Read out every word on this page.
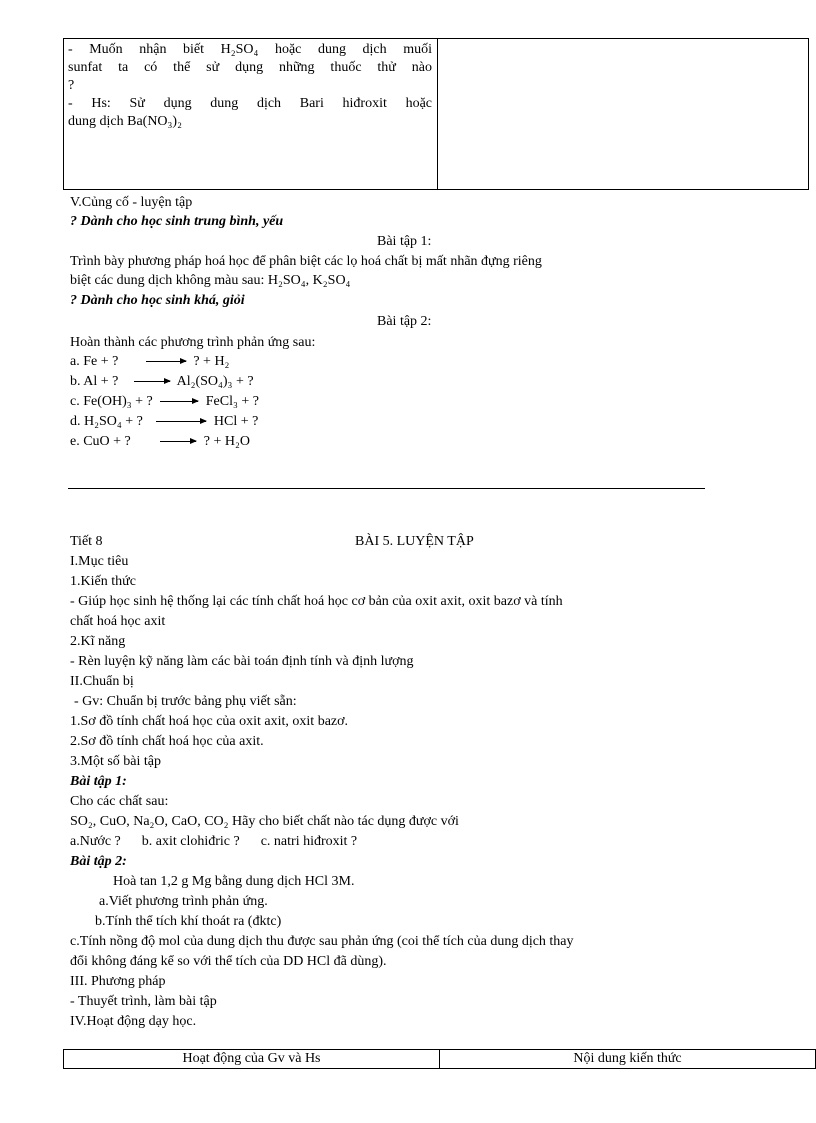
- Muốn nhận biết H₂SO₄ hoặc dung dịch muối
sunfat ta có thể sử dụng những thuốc thử nào
?
- Hs: Sử dụng dung dịch Bari hiđroxit hoặc
dung dịch Ba(NO₃)₂
V.Củng cố - luyện tập
? Dành cho học sinh trung bình, yếu
Bài tập 1:
Trình bày phương pháp hoá học để phân biệt các lọ hoá chất bị mất nhãn đựng riêng
biệt các dung dịch không màu sau: H₂SO₄, K₂SO₄
? Dành cho học sinh khá, giỏi
Bài tập 2:
Hoàn thành các phương trình phản ứng sau:
a. Fe + ?	? + H₂
b. Al + ?	Al₂(SO₄)₃ + ?
c. Fe(OH)₃ + ?	FeCl₃ + ?
d. H₂SO₄ + ?	HCl + ?
e. CuO + ?	? + H₂O
Tiết 8	BÀI 5. LUYỆN TẬP
I.Mục tiêu
1.Kiến thức
- Giúp học sinh hệ thống lại các tính chất hoá học cơ bản của oxit axit, oxit bazơ và tính
chất hoá học axit
2.Kĩ năng
- Rèn luyện kỹ năng làm các bài toán định tính và định lượng
II.Chuẩn bị
- Gv: Chuẩn bị trước bảng phụ viết sẵn:
1.Sơ đồ tính chất hoá học của oxit axit, oxit bazơ.
2.Sơ đồ tính chất hoá học của axit.
3.Một số bài tập
Bài tập 1:
Cho các chất sau:
SO₂, CuO, Na₂O, CaO, CO₂ Hãy cho biết chất nào tác dụng được với
a.Nước ?      b. axit clohiđric ?      c. natri hiđroxit ?
Bài tập 2:
Hoà tan 1,2 g Mg bằng dung dịch HCl 3M.
a.Viết phương trình phản ứng.
b.Tính thể tích khí thoát ra (đktc)
c.Tính nồng độ mol của dung dịch thu được sau phản ứng (coi thể tích của dung dịch thay
đổi không đáng kể so với thể tích của DD HCl đã dùng).
III. Phương pháp
- Thuyết trình, làm bài tập
IV.Hoạt động dạy học.
Hoạt động của Gv và Hs	Nội dung kiến thức
